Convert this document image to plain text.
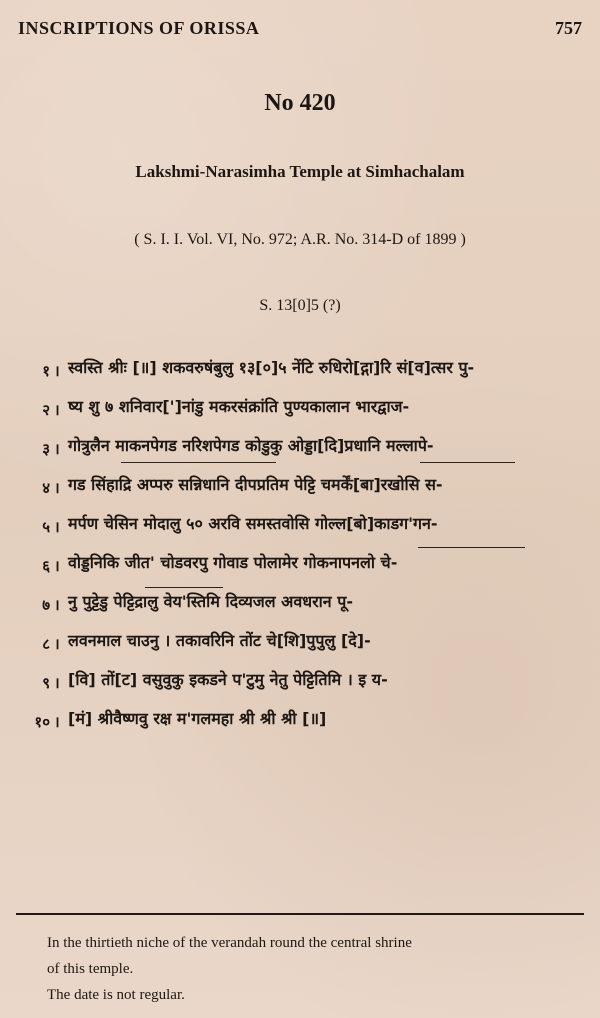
INSCRIPTIONS OF ORISSA	757
No 420
Lakshmi-Narasimha Temple at Simhachalam
( S. I. I. Vol. VI, No. 972; A.R. No. 314-D of 1899 )
S. 13[0]5 (?)
१ । स्वस्ति श्रीः [॥] शकवरुषंबुलु १३[०]५ नेंटि रुधिरो[द्गा]रि सं[व]त्सर पु-
२ । ष्य शु ७ शनिवार[']नांडु मकरसंक्रांति पुण्यकालान भारद्वाज-
३ । गोत्रुलैन माकनपेगड नरिशपेगड कोडुकु ओड्डा[दि]प्रधानि मल्लापे-
४ । गड सिंहाद्रि अप्परु सन्निधानि दीपप्रतिम पेट्टि चमर्कें[बा]रखोसि स-
५ । मर्पण चेसिन मोदालु ५० अरवि समस्तवोसि गोल्ल[बो]काडग'गन-
६ । वोड्डनिकि जीत' चोडवरपु गोवाड पोलामेर गोकनापनलो चे-
७ । नु पुट्टेडु पेट्टिद्रालु वेय'स्तिमि दिव्यजल अवधरान पू-
८ । लवनमाल चाउनु । तकावरिनि तोंट चे[शि]पुपुलु [दे]-
९ । [वि] तों[ट] वसुवुकु इकडने प'टुमु नेतु पेट्टितिमि । इ य-
१० । [मं] श्रीवैष्णवु रक्ष म'गलमहा श्री श्री श्री [॥]
In the thirtieth niche of the verandah round the central shrine
of this temple.
The date is not regular.
